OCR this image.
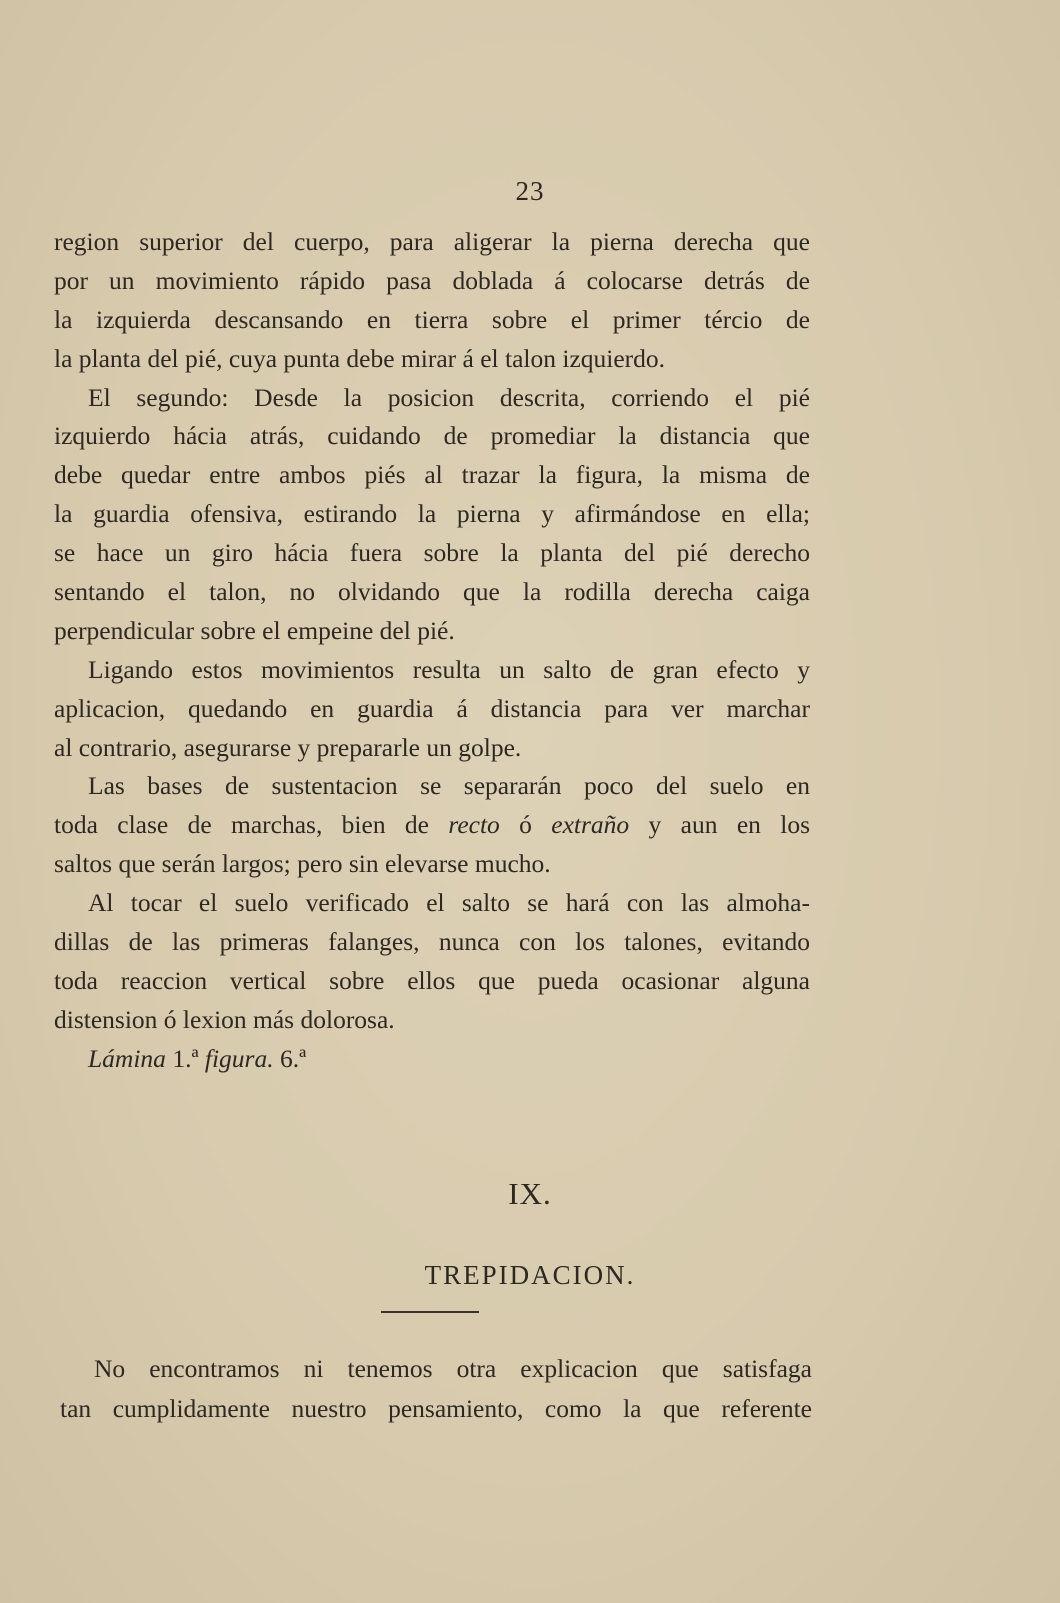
23
region superior del cuerpo, para aligerar la pierna derecha que
por un movimiento rápido pasa doblada á colocarse detrás de
la izquierda descansando en tierra sobre el primer tércio de
la planta del pié, cuya punta debe mirar á el talon izquierdo.
El segundo: Desde la posicion descrita, corriendo el pié
izquierdo hácia atrás, cuidando de promediar la distancia que
debe quedar entre ambos piés al trazar la figura, la misma de
la guardia ofensiva, estirando la pierna y afirmándose en ella;
se hace un giro hácia fuera sobre la planta del pié derecho
sentando el talon, no olvidando que la rodilla derecha caiga
perpendicular sobre el empeine del pié.
Ligando estos movimientos resulta un salto de gran efecto y
aplicacion, quedando en guardia á distancia para ver marchar
al contrario, asegurarse y prepararle un golpe.
Las bases de sustentacion se separarán poco del suelo en
toda clase de marchas, bien de recto ó extraño y aun en los
saltos que serán largos; pero sin elevarse mucho.
Al tocar el suelo verificado el salto se hará con las almoha-
dillas de las primeras falanges, nunca con los talones, evitando
toda reaccion vertical sobre ellos que pueda ocasionar alguna
distension ó lexion más dolorosa.
Lámina 1.ª figura. 6.ª
IX.
TREPIDACION.
No encontramos ni tenemos otra explicacion que satisfaga
tan cumplidamente nuestro pensamiento, como la que referente
